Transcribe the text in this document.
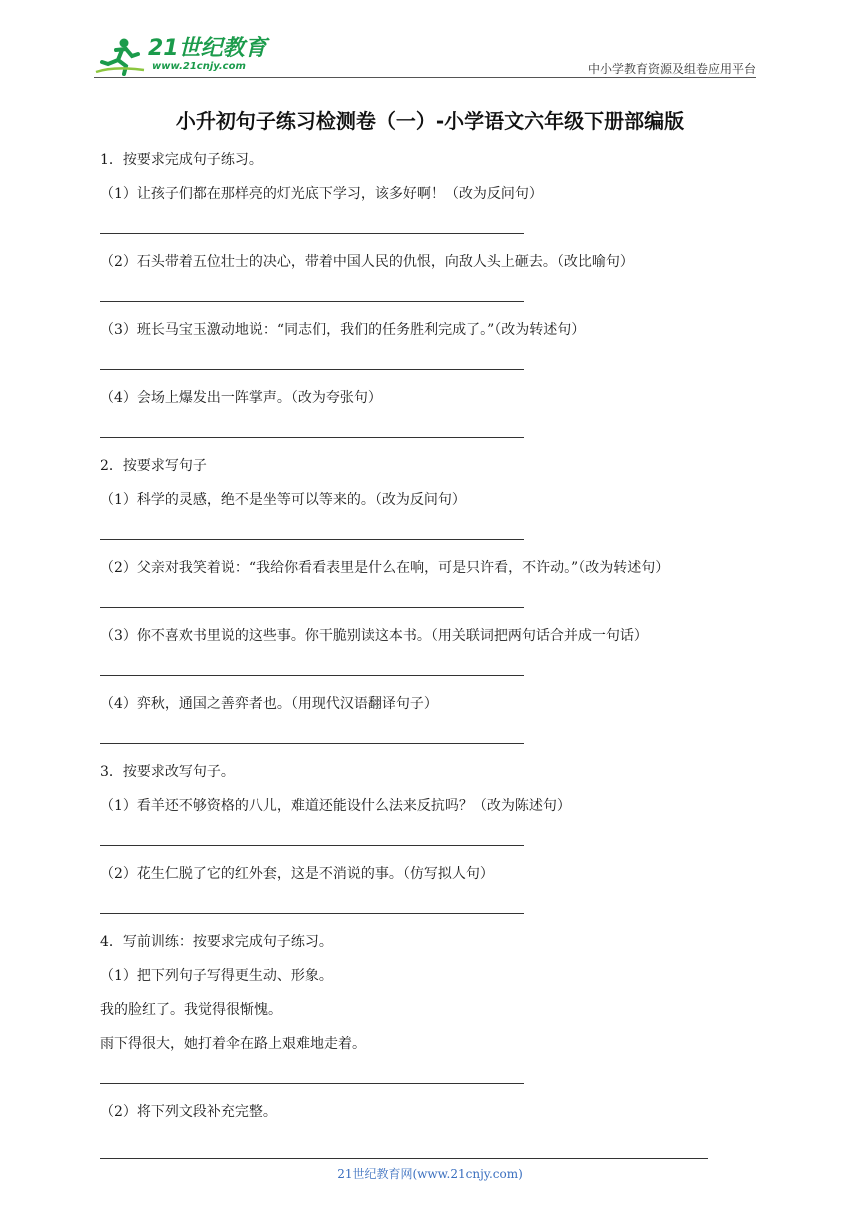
21世纪教育
www.21cnjy.com	中小学教育资源及组卷应用平台
小升初句子练习检测卷（一）-小学语文六年级下册部编版
1．按要求完成句子练习。
（1）让孩子们都在那样亮的灯光底下学习，该多好啊！（改为反问句）
（2）石头带着五位壮士的决心，带着中国人民的仇恨，向敌人头上砸去。（改比喻句）
（3）班长马宝玉激动地说：“同志们，我们的任务胜利完成了。”（改为转述句）
（4）会场上爆发出一阵掌声。（改为夸张句）
2．按要求写句子
（1）科学的灵感，绝不是坐等可以等来的。（改为反问句）
（2）父亲对我笑着说：“我给你看看表里是什么在响，可是只许看，不许动。”（改为转述句）
（3）你不喜欢书里说的这些事。你干脆别读这本书。（用关联词把两句话合并成一句话）
（4）弈秋，通国之善弈者也。（用现代汉语翻译句子）
3．按要求改写句子。
（1）看羊还不够资格的八儿，难道还能设什么法来反抗吗？（改为陈述句）
（2）花生仁脱了它的红外套，这是不消说的事。（仿写拟人句）
4．写前训练：按要求完成句子练习。
（1）把下列句子写得更生动、形象。
我的脸红了。我觉得很惭愧。
雨下得很大，她打着伞在路上艰难地走着。
（2）将下列文段补充完整。
21世纪教育网(www.21cnjy.com)
